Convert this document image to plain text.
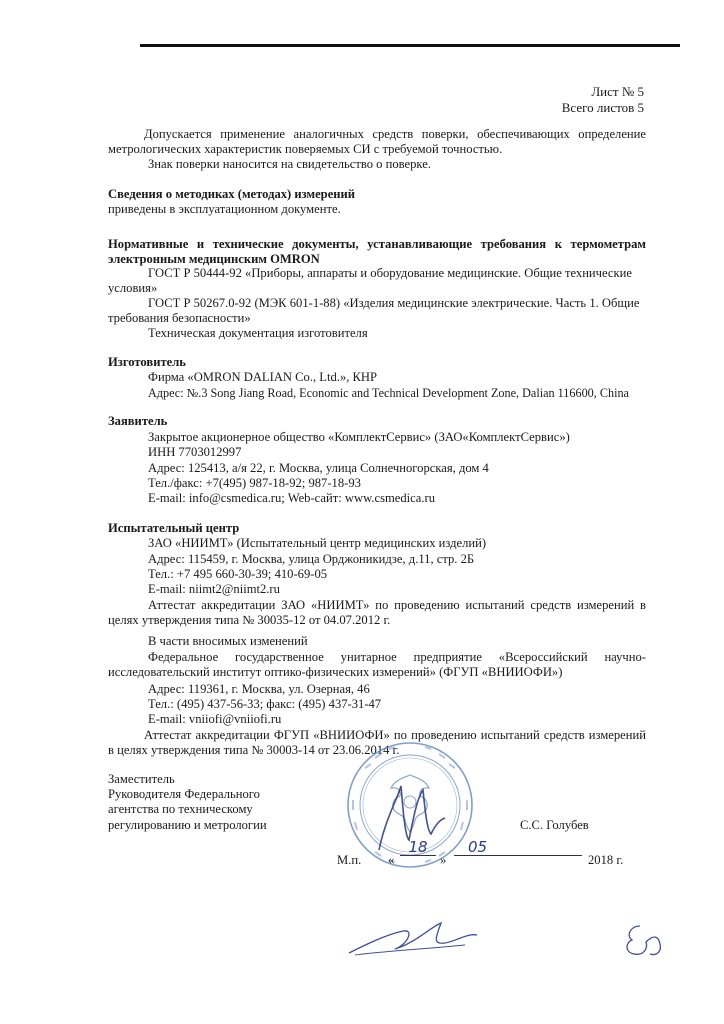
Лист № 5
Всего листов 5
Допускается применение аналогичных средств поверки, обеспечивающих определение метрологических характеристик поверяемых СИ с требуемой точностью.
Знак поверки наносится на свидетельство о поверке.
Сведения о методиках (методах) измерений
приведены в эксплуатационном документе.
Нормативные и технические документы, устанавливающие требования к термометрам электронным медицинским OMRON
ГОСТ Р 50444-92 «Приборы, аппараты и оборудование медицинские. Общие технические условия»
ГОСТ Р 50267.0-92 (МЭК 601-1-88) «Изделия медицинские электрические. Часть 1. Общие требования безопасности»
Техническая документация изготовителя
Изготовитель
Фирма «OMRON DALIAN Co., Ltd.», КНР
Адрес: №.3 Song Jiang Road, Economic and Technical Development Zone, Dalian 116600, China
Заявитель
Закрытое акционерное общество «КомплектСервис» (ЗАО«КомплектСервис»)
ИНН 7703012997
Адрес: 125413, а/я 22, г. Москва, улица Солнечногорская, дом 4
Тел./факс: +7(495) 987-18-92; 987-18-93
E-mail: info@csmedica.ru; Web-сайт: www.csmedica.ru
Испытательный центр
ЗАО «НИИМТ» (Испытательный центр медицинских изделий)
Адрес: 115459, г. Москва, улица Орджоникидзе, д.11, стр. 2Б
Тел.: +7 495 660-30-39; 410-69-05
E-mail: niimt2@niimt2.ru
Аттестат аккредитации ЗАО «НИИМТ» по проведению испытаний средств измерений в целях утверждения типа № 30035-12 от 04.07.2012 г.
В части вносимых изменений
Федеральное государственное унитарное предприятие «Всероссийский научно-исследовательский институт оптико-физических измерений» (ФГУП «ВНИИОФИ»)
Адрес: 119361, г. Москва, ул. Озерная, 46
Тел.: (495) 437-56-33; факс: (495) 437-31-47
E-mail: vniiofi@vniiofi.ru
Аттестат аккредитации ФГУП «ВНИИОФИ» по проведению испытаний средств измерений в целях утверждения типа № 30003-14 от 23.06.2014 г.
Заместитель
Руководителя Федерального
агентства по техническому
регулированию и метрологии	С.С. Голубев
М.п.	«
18
»
05
2018 г.
